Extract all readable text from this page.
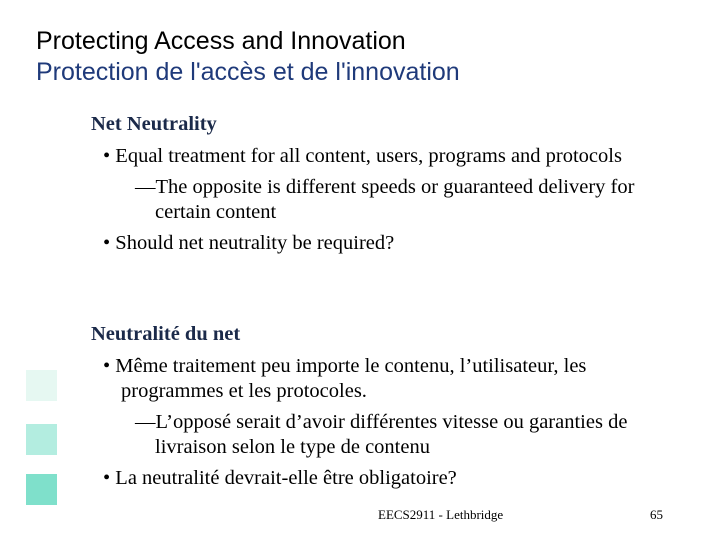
Protecting Access and Innovation
Protection de l'accès et de l'innovation
Net Neutrality
• Equal treatment for all content, users, programs and protocols
—The opposite is different speeds or guaranteed delivery for certain content
• Should net neutrality be required?
Neutralité du net
• Même traitement peu importe le contenu, l’utilisateur, les programmes et les protocoles.
—L’opposé serait d’avoir différentes vitesse ou garanties de livraison selon le type de contenu
• La neutralité devrait-elle être obligatoire?
EECS2911 - Lethbridge	65
